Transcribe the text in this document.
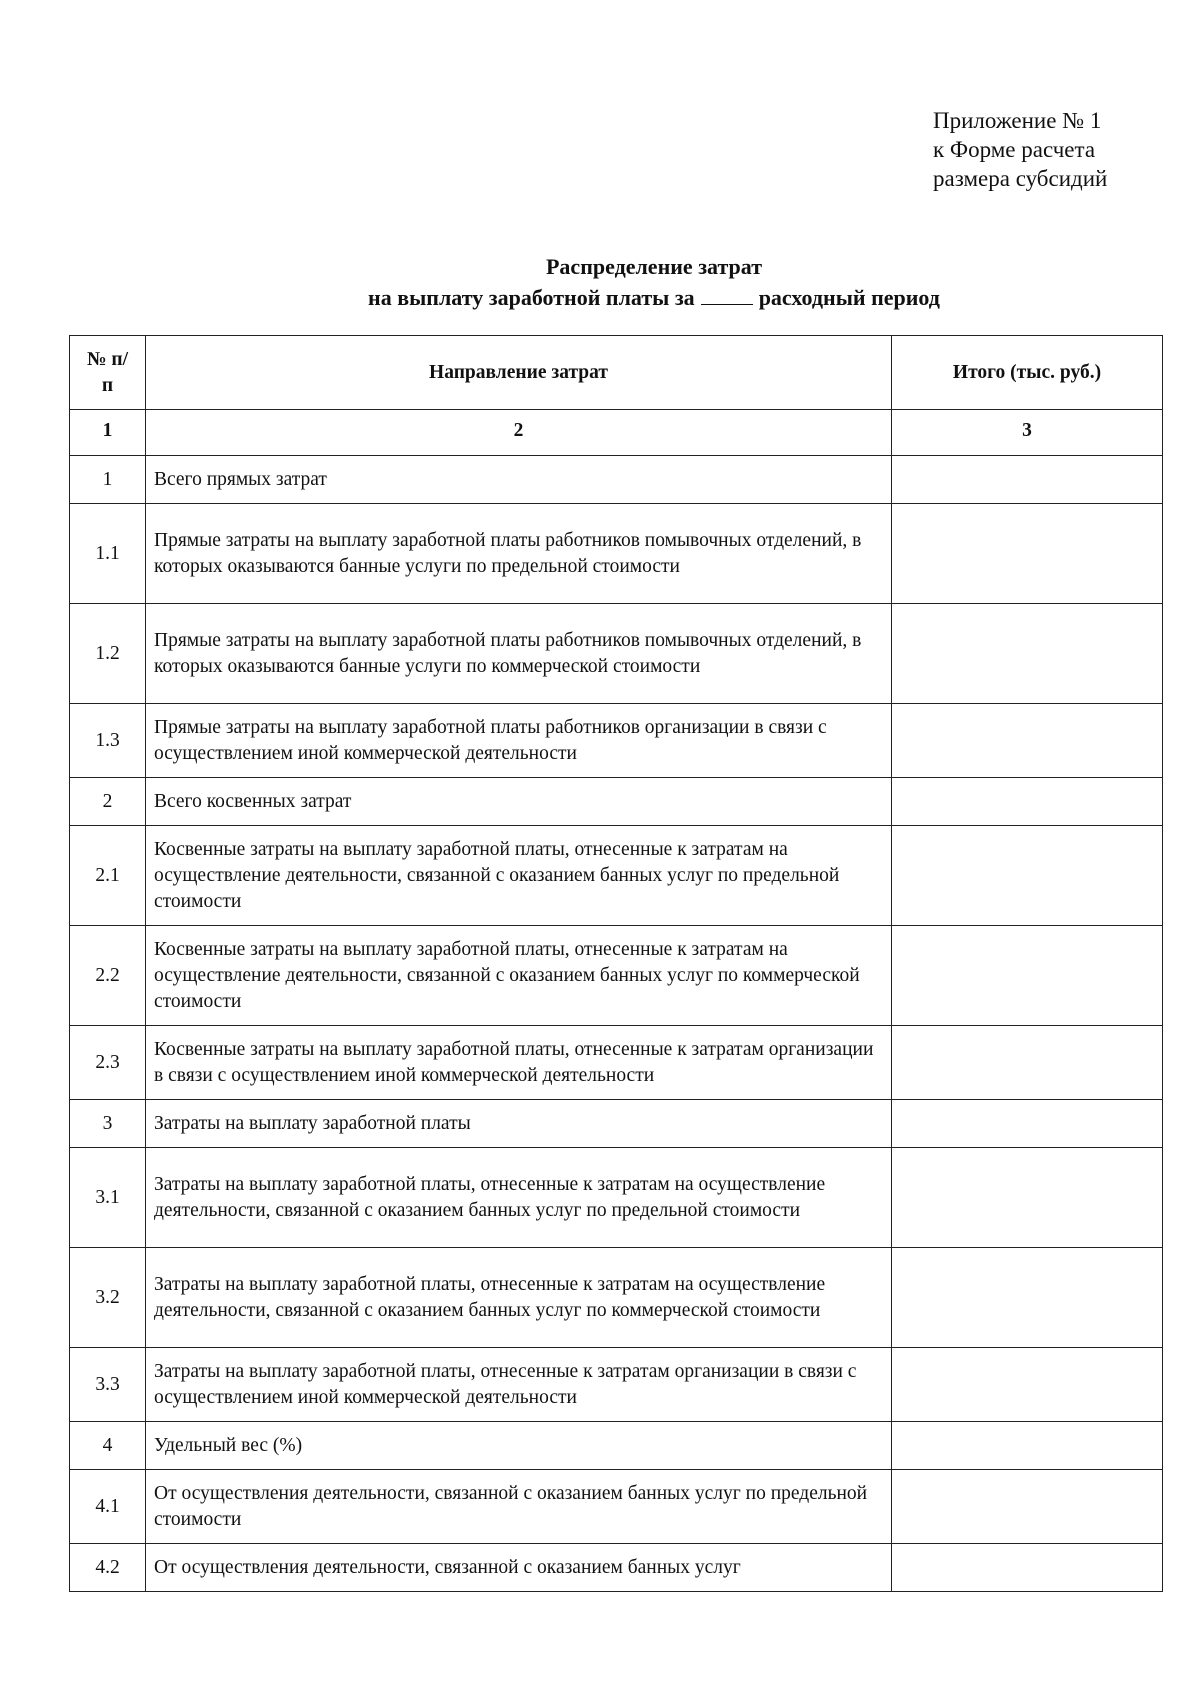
Приложение № 1
к Форме расчета
размера субсидий
Распределение затрат
на выплату заработной платы за	расходный период
№ п/п	Направление затрат	Итого (тыс. руб.)
1	2	3
1	Всего прямых затрат	
1.1	Прямые затраты на выплату заработной платы работников помывочных отделений, в которых оказываются банные услуги по предельной стоимости	
1.2	Прямые затраты на выплату заработной платы работников помывочных отделений, в которых оказываются банные услуги по коммерческой стоимости	
1.3	Прямые затраты на выплату заработной платы работников организации в связи с осуществлением иной коммерческой деятельности	
2	Всего косвенных затрат	
2.1	Косвенные затраты на выплату заработной платы, отнесенные к затратам на осуществление деятельности, связанной с оказанием банных услуг по предельной стоимости	
2.2	Косвенные затраты на выплату заработной платы, отнесенные к затратам на осуществление деятельности, связанной с оказанием банных услуг по коммерческой стоимости	
2.3	Косвенные затраты на выплату заработной платы, отнесенные к затратам организации в связи с осуществлением иной коммерческой деятельности	
3	Затраты на выплату заработной платы	
3.1	Затраты на выплату заработной платы, отнесенные к затратам на осуществление деятельности, связанной с оказанием банных услуг по предельной стоимости	
3.2	Затраты на выплату заработной платы, отнесенные к затратам на осуществление деятельности, связанной с оказанием банных услуг по коммерческой стоимости	
3.3	Затраты на выплату заработной платы, отнесенные к затратам организации в связи с осуществлением иной коммерческой деятельности	
4	Удельный вес (%)	
4.1	От осуществления деятельности, связанной с оказанием банных услуг по предельной стоимости	
4.2	От осуществления деятельности, связанной с оказанием банных услуг	
